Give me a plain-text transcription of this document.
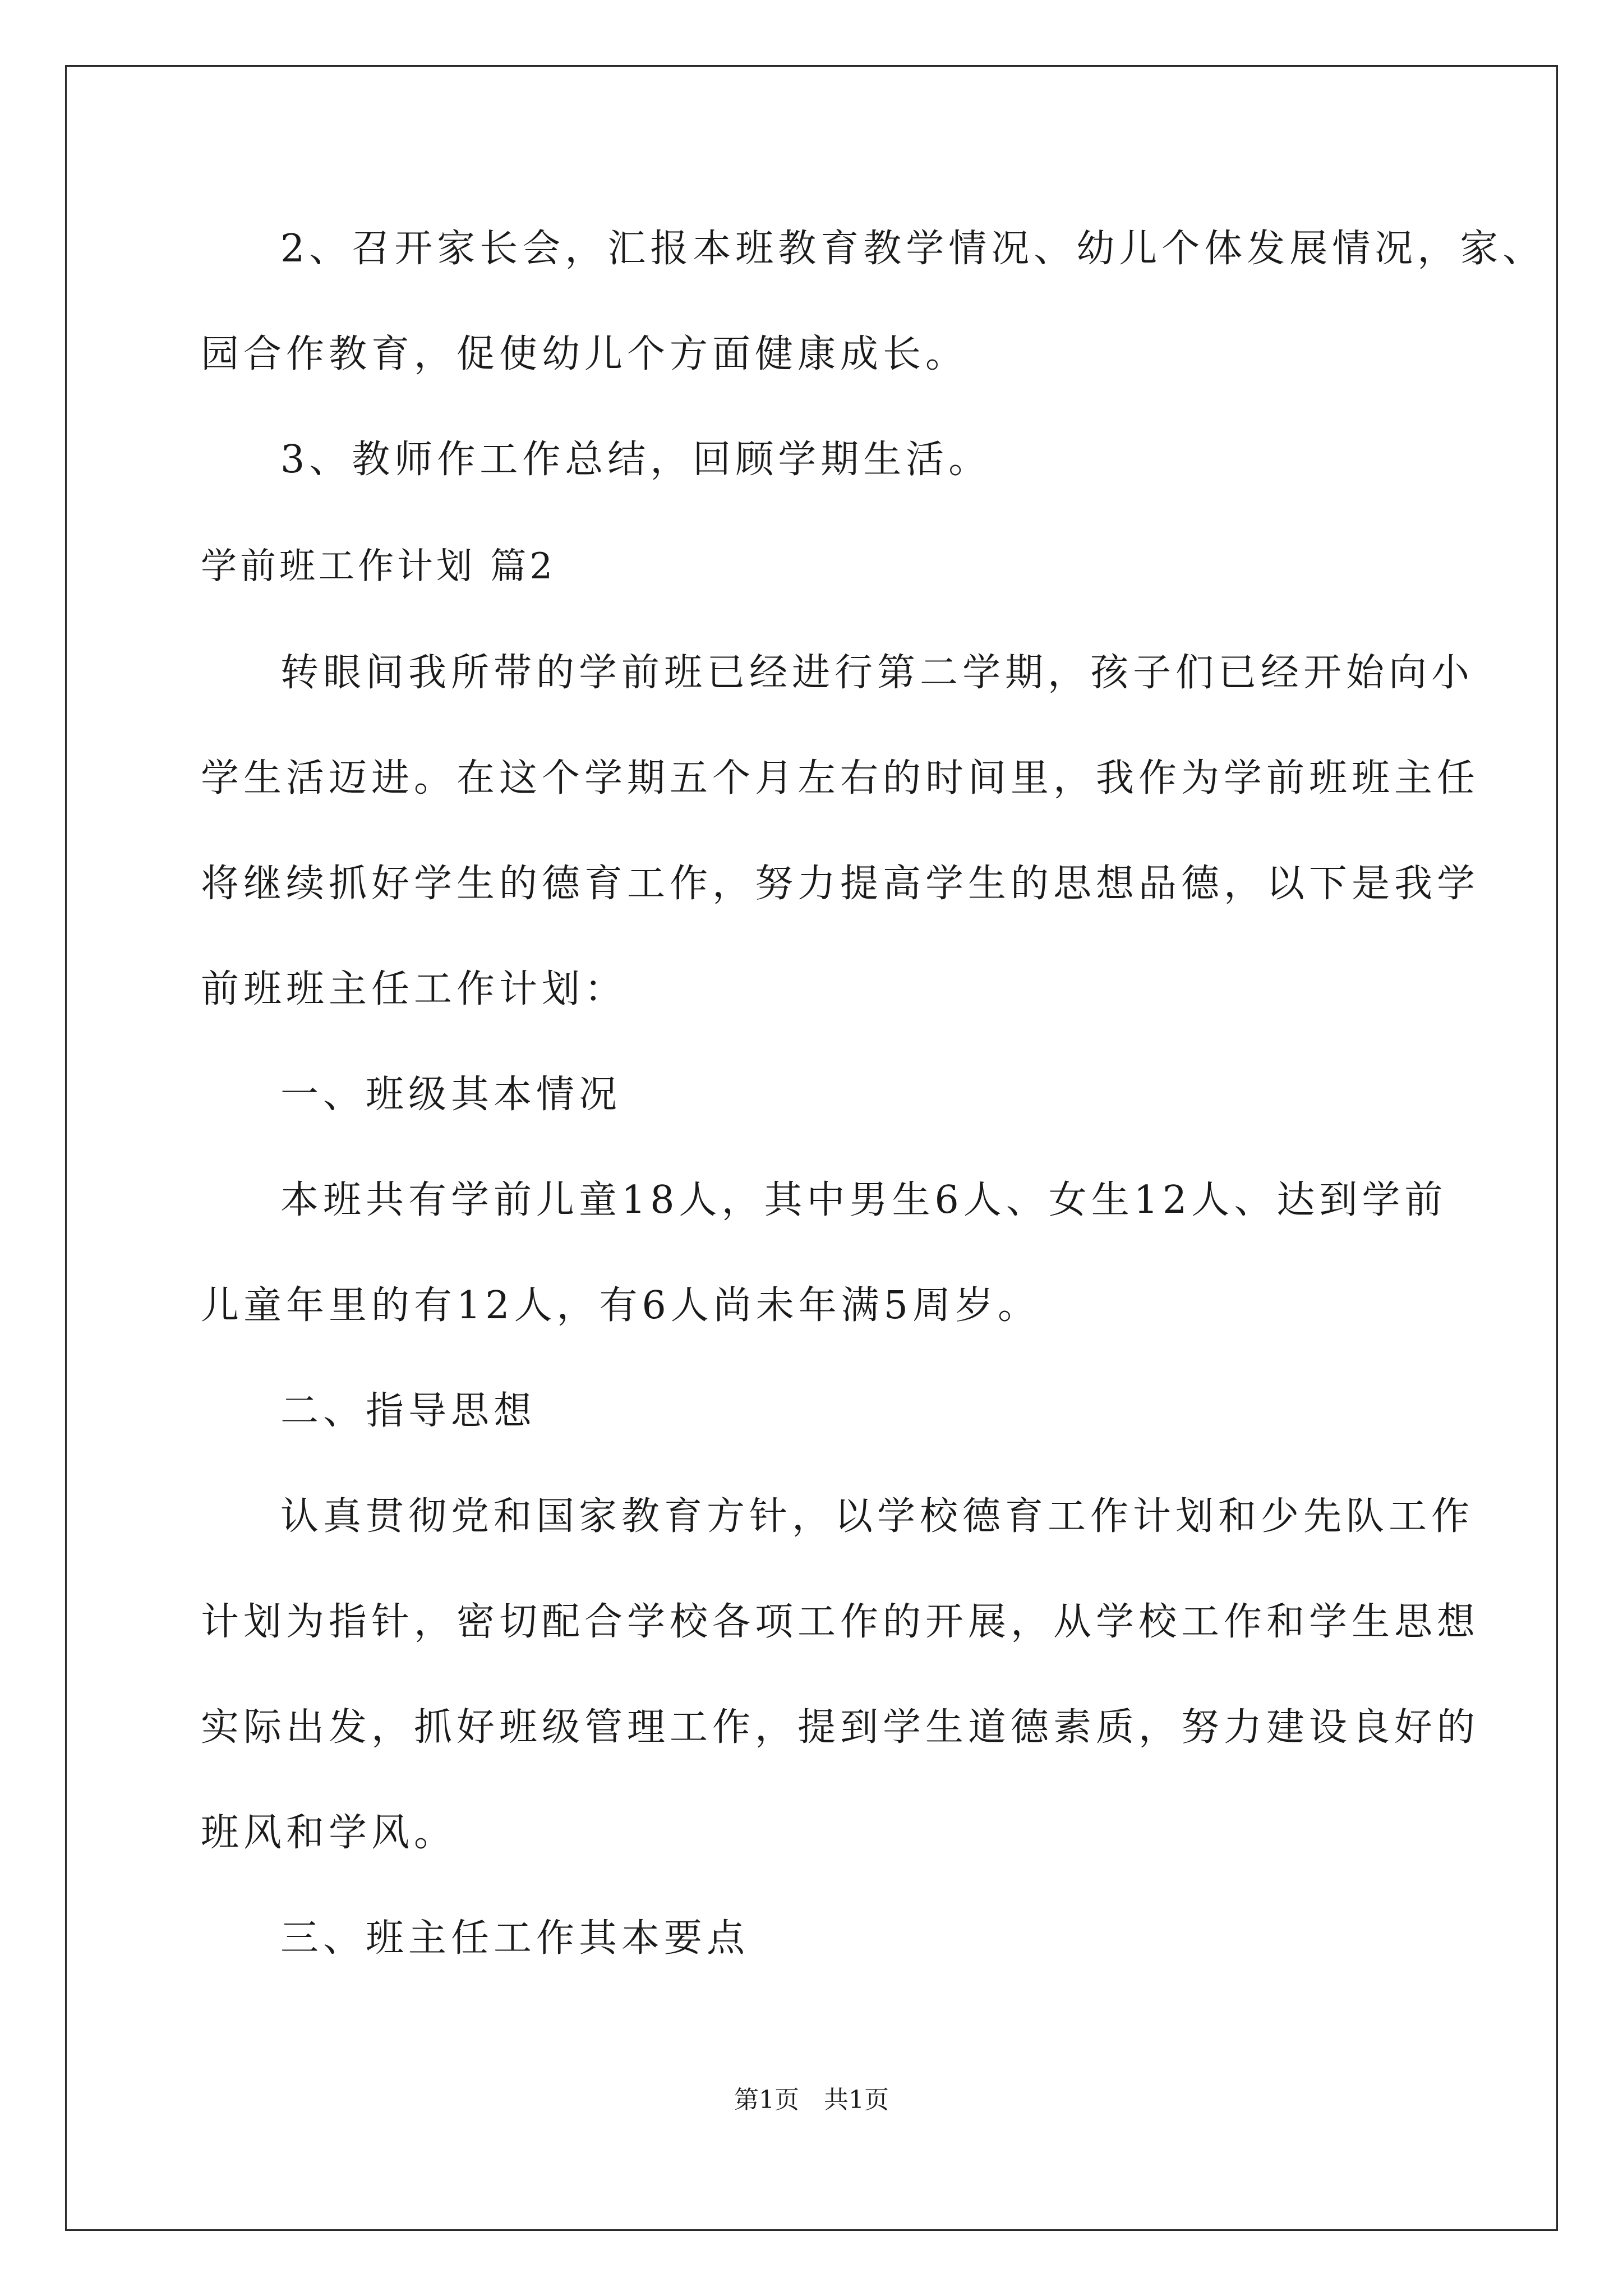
2、召开家长会，汇报本班教育教学情况、幼儿个体发展情况，家、
园合作教育，促使幼儿个方面健康成长。
3、教师作工作总结，回顾学期生活。
学前班工作计划 篇2
转眼间我所带的学前班已经进行第二学期，孩子们已经开始向小
学生活迈进。在这个学期五个月左右的时间里，我作为学前班班主任
将继续抓好学生的德育工作，努力提高学生的思想品德，以下是我学
前班班主任工作计划：
一、班级其本情况
本班共有学前儿童18人，其中男生6人、女生12人、达到学前
儿童年里的有12人，有6人尚未年满5周岁。
二、指导思想
认真贯彻党和国家教育方针，以学校德育工作计划和少先队工作
计划为指针，密切配合学校各项工作的开展，从学校工作和学生思想
实际出发，抓好班级管理工作，提到学生道德素质，努力建设良好的
班风和学风。
三、班主任工作其本要点
第1页　共1页
